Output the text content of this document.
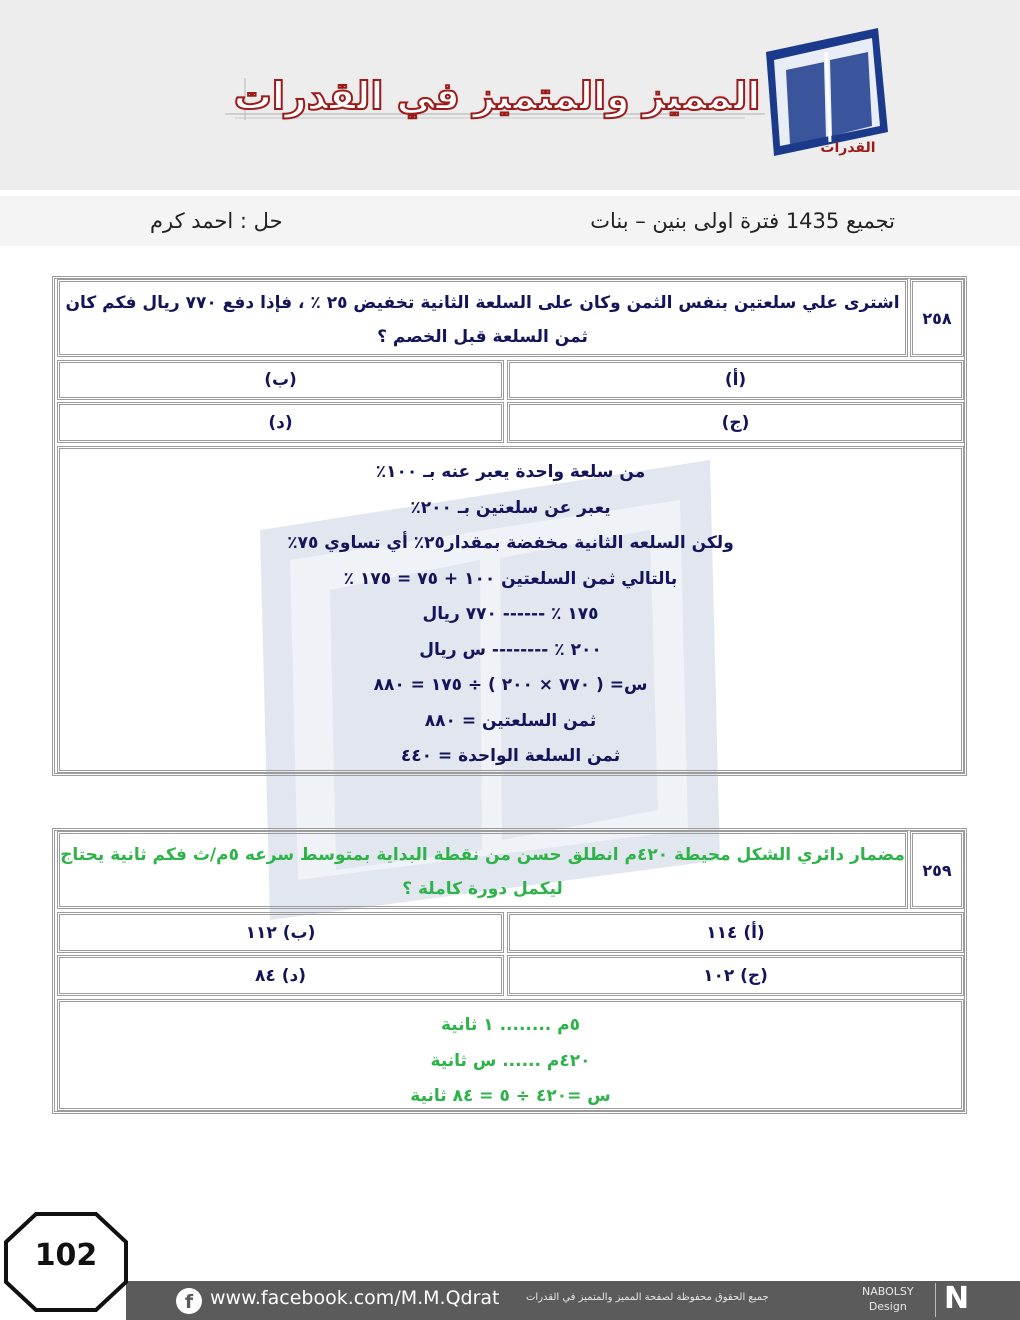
المميز والمتميز في القدرات
القدرات
حل : احمد كرم	تجميع 1435 فترة اولى بنين – بنات
٢٥٨
اشترى علي سلعتين بنفس الثمن وكان على السلعة الثانية تخفيض ٢٥ ٪ ، فإذا دفع ٧٧٠ ريال فكم كان ثمن السلعة قبل الخصم ؟
(أ)
(ب)
(ج)
(د)
من سلعة واحدة يعبر عنه بـ ١٠٠٪
يعبر عن سلعتين بـ ٢٠٠٪
ولكن السلعه الثانية مخفضة بمقدار٢٥٪ أي تساوي ٧٥٪
بالتالي ثمن السلعتين ١٠٠ + ٧٥ = ١٧٥ ٪
١٧٥ ٪ ------ ٧٧٠ ريال
٢٠٠ ٪ -------- س ريال
س= ( ٧٧٠ × ٢٠٠ ) ÷ ١٧٥ = ٨٨٠
ثمن السلعتين = ٨٨٠
ثمن السلعة الواحدة = ٤٤٠
٢٥٩
مضمار دائري الشكل محيطة ٤٢٠م انطلق حسن من نقطة البداية بمتوسط سرعه ٥م/ث فكم ثانية يحتاج ليكمل دورة كاملة ؟
(أ) ١١٤
(ب) ١١٢
(ج) ١٠٢
(د) ٨٤
٥م ........ ١ ثانية
٤٢٠م ...... س ثانية
س =٤٢٠ ÷ ٥ = ٨٤ ثانية
f www.facebook.com/M.M.Qdrat	جميع الحقوق محفوظة لصفحة المميز والمتميز في القدرات	NABOLSY
Design N
102
